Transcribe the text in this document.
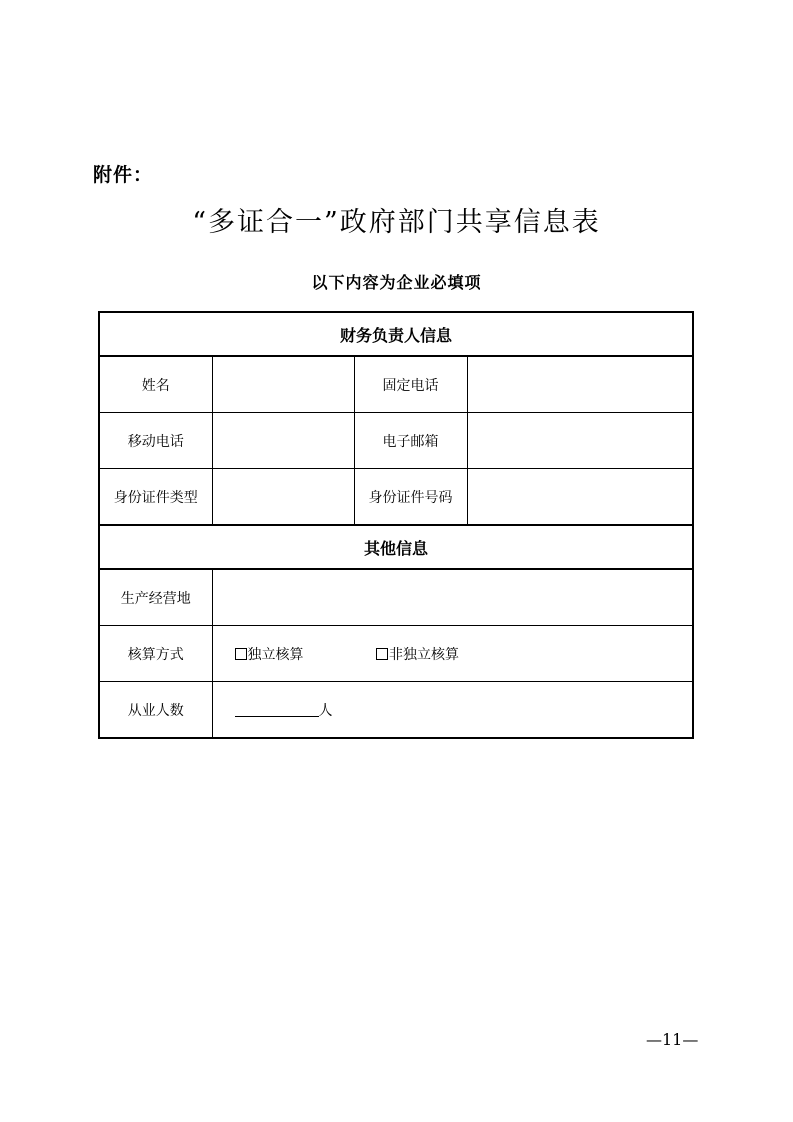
附件：
“多证合一”政府部门共享信息表
以下内容为企业必填项
财务负责人信息			
姓名		固定电话	
移动电话		电子邮箱	
身份证件类型		身份证件号码	
其他信息			
生产经营地			
核算方式	独立核算 非独立核算		
从业人数	人		
—11—
